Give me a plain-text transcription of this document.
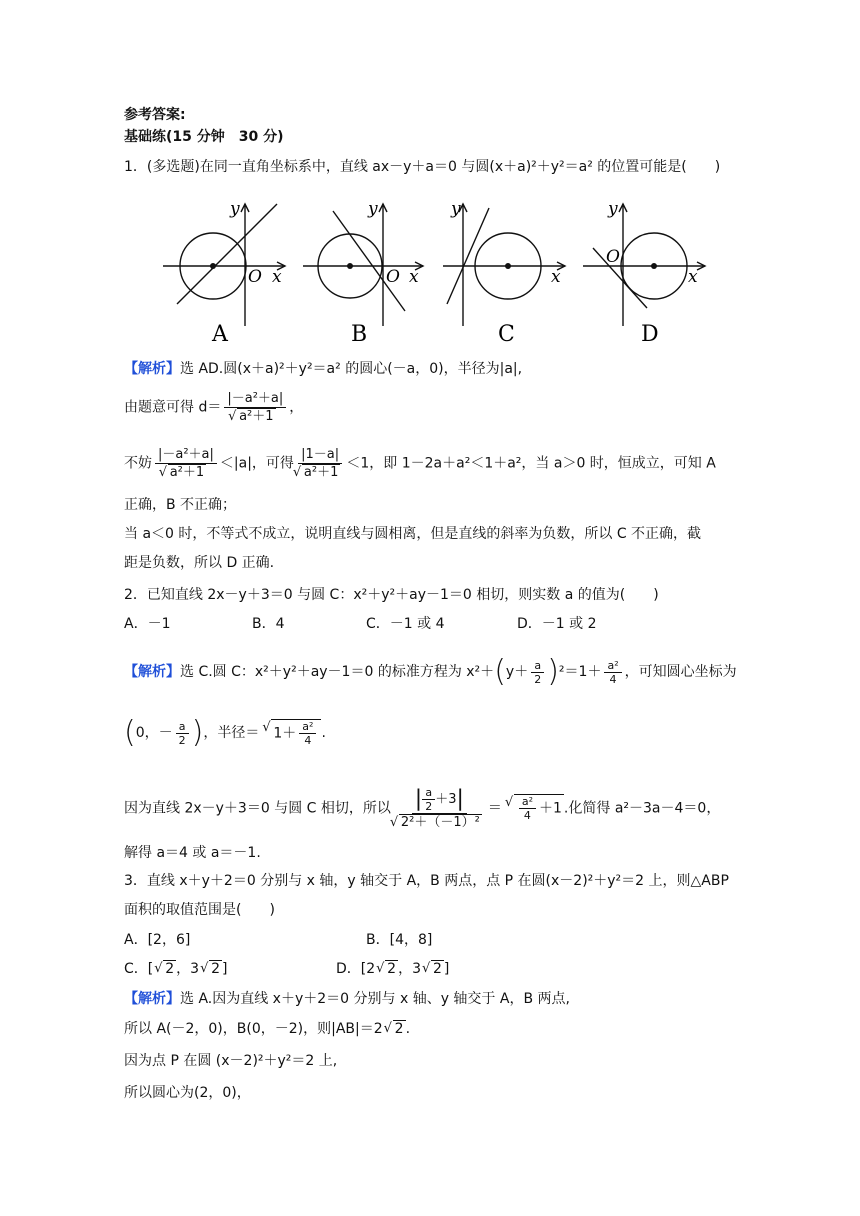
参考答案:
基础练(15 分钟　30 分)
1．(多选题)在同一直角坐标系中，直线 ax－y＋a＝0 与圆(x＋a)²＋y²＝a² 的位置可能是(　　)
y
x
O
y
x
O
y
x
y
x
O
A	B	C	D
【解析】选 AD.圆(x＋a)²＋y²＝a² 的圆心(－a，0)，半径为|a|,
由题意可得 d＝ |－a²＋a|
√ a²＋1 ，
不妨 |－a²＋a|
√ a²＋1 ＜|a|，可得 |1－a|
√ a²＋1 ＜1，即 1－2a＋a²＜1＋a²，当 a＞0 时，恒成立，可知 A
正确，B 不正确；
当 a＜0 时，不等式不成立，说明直线与圆相离，但是直线的斜率为负数，所以 C 不正确，截
距是负数，所以 D 正确.
2．已知直线 2x－y＋3＝0 与圆 C：x²＋y²＋ay－1＝0 相切，则实数 a 的值为(　　)
A．－1	B．4	C．－1 或 4	D．－1 或 2
【解析】选 C.圆 C：x²＋y²＋ay－1＝0 的标准方程为 $x^2+(y+ \frac{a}{2} )^2=1+ \frac{\text{a²}}{4}$ ，可知圆心坐标为
(0，－ $\frac{a}{2}$ )，半径＝ √ $1+ \frac{\text{a²}}{4}$ .
因为直线 2x－y＋3＝0 与圆 C 相切，所以 | $\frac{a}{2} +3|$
√ 2²＋（－1）² ＝ √ $\frac{\text{a²}}{4} +1$ .化简得 a²－3a－4＝0，
解得 a＝4 或 a＝－1.
3．直线 x＋y＋2＝0 分别与 x 轴，y 轴交于 A，B 两点，点 P 在圆(x－2)²＋y²＝2 上，则△ABP
面积的取值范围是(　　)
A．[2，6]	B．[4，8]
C．[ √ 2 ，3 √ 2 ]	D．[2 √ 2 ，3 √ 2 ]
【解析】选 A.因为直线 x＋y＋2＝0 分别与 x 轴、y 轴交于 A，B 两点,
所以 A(－2，0)，B(0，－2)，则|AB|＝2 √ 2 .
因为点 P 在圆 (x－2)²＋y²＝2 上,
所以圆心为(2，0)，
